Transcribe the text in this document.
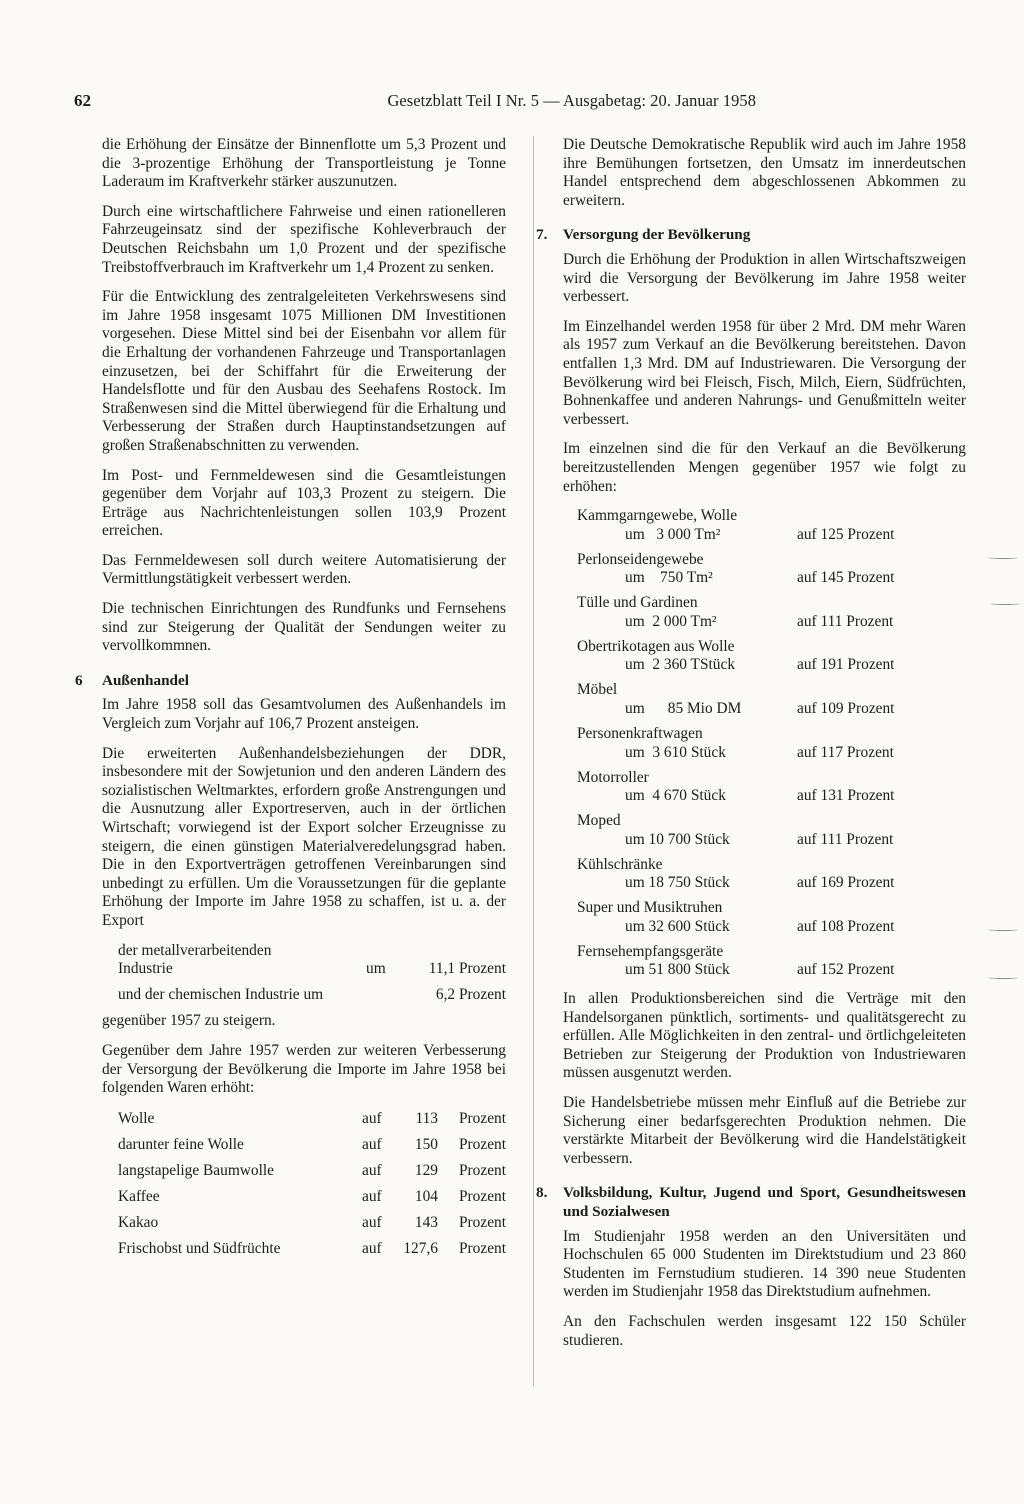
62	Gesetzblatt Teil I Nr. 5 — Ausgabetag: 20. Januar 1958

die Erhöhung der Einsätze der Binnenflotte um 5,3 Prozent und die 3-prozentige Erhöhung der Transportleistung je Tonne Laderaum im Kraftverkehr stärker auszunutzen.

Durch eine wirtschaftlichere Fahrweise und einen rationelleren Fahrzeugeinsatz sind der spezifische Kohleverbrauch der Deutschen Reichsbahn um 1,0 Prozent und der spezifische Treibstoffverbrauch im Kraftverkehr um 1,4 Prozent zu senken.

Für die Entwicklung des zentralgeleiteten Verkehrswesens sind im Jahre 1958 insgesamt 1075 Millionen DM Investitionen vorgesehen. Diese Mittel sind bei der Eisenbahn vor allem für die Erhaltung der vorhandenen Fahrzeuge und Transportanlagen einzusetzen, bei der Schiffahrt für die Erweiterung der Handelsflotte und für den Ausbau des Seehafens Rostock. Im Straßenwesen sind die Mittel überwiegend für die Erhaltung und Verbesserung der Straßen durch Hauptinstandsetzungen auf großen Straßenabschnitten zu verwenden.

Im Post- und Fernmeldewesen sind die Gesamtleistungen gegenüber dem Vorjahr auf 103,3 Prozent zu steigern. Die Erträge aus Nachrichtenleistungen sollen 103,9 Prozent erreichen.

Das Fernmeldewesen soll durch weitere Automatisierung der Vermittlungstätigkeit verbessert werden.

Die technischen Einrichtungen des Rundfunks und Fernsehens sind zur Steigerung der Qualität der Sendungen weiter zu vervollkommnen.

6 Außenhandel

Im Jahre 1958 soll das Gesamtvolumen des Außenhandels im Vergleich zum Vorjahr auf 106,7 Prozent ansteigen.

Die erweiterten Außenhandelsbeziehungen der DDR, insbesondere mit der Sowjetunion und den anderen Ländern des sozialistischen Weltmarktes, erfordern große Anstrengungen und die Ausnutzung aller Exportreserven, auch in der örtlichen Wirtschaft; vorwiegend ist der Export solcher Erzeugnisse zu steigern, die einen günstigen Materialveredelungsgrad haben. Die in den Exportverträgen getroffenen Vereinbarungen sind unbedingt zu erfüllen. Um die Voraussetzungen für die geplante Erhöhung der Importe im Jahre 1958 zu schaffen, ist u. a. der Export

der metallverarbeitenden Industrie	um	11,1 Prozent
und der chemischen Industrie um	6,2 Prozent

gegenüber 1957 zu steigern.

Gegenüber dem Jahre 1957 werden zur weiteren Verbesserung der Versorgung der Bevölkerung die Importe im Jahre 1958 bei folgenden Waren erhöht:

Wolle	auf	113	Prozent
darunter feine Wolle	auf	150	Prozent
langstapelige Baumwolle	auf	129	Prozent
Kaffee	auf	104	Prozent
Kakao	auf	143	Prozent
Frischobst und Südfrüchte	auf	127,6	Prozent

Die Deutsche Demokratische Republik wird auch im Jahre 1958 ihre Bemühungen fortsetzen, den Umsatz im innerdeutschen Handel entsprechend dem abgeschlossenen Abkommen zu erweitern.

7. Versorgung der Bevölkerung

Durch die Erhöhung der Produktion in allen Wirtschaftszweigen wird die Versorgung der Bevölkerung im Jahre 1958 weiter verbessert.

Im Einzelhandel werden 1958 für über 2 Mrd. DM mehr Waren als 1957 zum Verkauf an die Bevölkerung bereitstehen. Davon entfallen 1,3 Mrd. DM auf Industriewaren. Die Versorgung der Bevölkerung wird bei Fleisch, Fisch, Milch, Eiern, Südfrüchten, Bohnenkaffee und anderen Nahrungs- und Genußmitteln weiter verbessert.

Im einzelnen sind die für den Verkauf an die Bevölkerung bereitzustellenden Mengen gegenüber 1957 wie folgt zu erhöhen:

Kammgarngewebe, Wolle
um   3 000 Tm²	auf 125 Prozent
Perlonseidengewebe
um    750 Tm²	auf 145 Prozent
Tülle und Gardinen
um  2 000 Tm²	auf 111 Prozent
Obertrikotagen aus Wolle
um  2 360 TStück	auf 191 Prozent
Möbel
um      85 Mio DM	auf 109 Prozent
Personenkraftwagen
um  3 610 Stück	auf 117 Prozent
Motorroller
um  4 670 Stück	auf 131 Prozent
Moped
um 10 700 Stück	auf 111 Prozent
Kühlschränke
um 18 750 Stück	auf 169 Prozent
Super und Musiktruhen
um 32 600 Stück	auf 108 Prozent
Fernsehempfangsgeräte
um 51 800 Stück	auf 152 Prozent

In allen Produktionsbereichen sind die Verträge mit den Handelsorganen pünktlich, sortiments- und qualitätsgerecht zu erfüllen. Alle Möglichkeiten in den zentral- und örtlichgeleiteten Betrieben zur Steigerung der Produktion von Industriewaren müssen ausgenutzt werden.

Die Handelsbetriebe müssen mehr Einfluß auf die Betriebe zur Sicherung einer bedarfsgerechten Produktion nehmen. Die verstärkte Mitarbeit der Bevölkerung wird die Handelstätigkeit verbessern.

8. Volksbildung, Kultur, Jugend und Sport, Gesundheitswesen und Sozialwesen

Im Studienjahr 1958 werden an den Universitäten und Hochschulen 65 000 Studenten im Direktstudium und 23 860 Studenten im Fernstudium studieren. 14 390 neue Studenten werden im Studienjahr 1958 das Direktstudium aufnehmen.

An den Fachschulen werden insgesamt 122 150 Schüler studieren.
